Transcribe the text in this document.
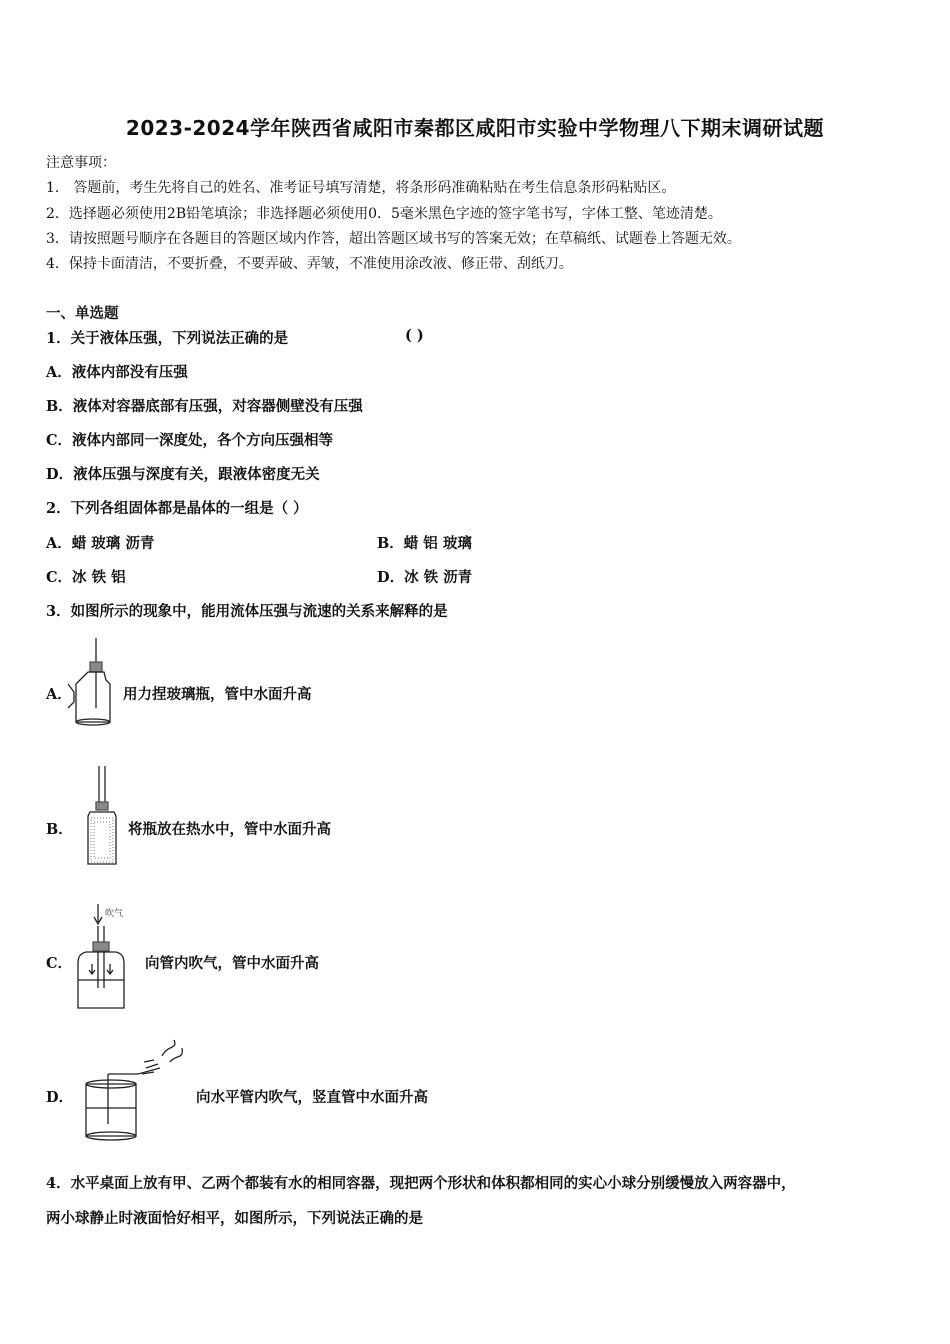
2023-2024学年陕西省咸阳市秦都区咸阳市实验中学物理八下期末调研试题
注意事项：
1． 答题前，考生先将自己的姓名、准考证号填写清楚，将条形码准确粘贴在考生信息条形码粘贴区。
2．选择题必须使用2B铅笔填涂；非选择题必须使用0．5毫米黑色字迹的签字笔书写，字体工整、笔迹清楚。
3．请按照题号顺序在各题目的答题区域内作答，超出答题区域书写的答案无效；在草稿纸、试题卷上答题无效。
4．保持卡面清洁，不要折叠，不要弄破、弄皱，不准使用涂改液、修正带、刮纸刀。
一、单选题
1．关于液体压强，下列说法正确的是	( )
A．液体内部没有压强
B．液体对容器底部有压强，对容器侧壁没有压强
C．液体内部同一深度处，各个方向压强相等
D．液体压强与深度有关，跟液体密度无关
2．下列各组固体都是晶体的一组是（ ）
A．蜡 玻璃 沥青	B．蜡 铝 玻璃
C．冰 铁 铝	D．冰 铁 沥青
3．如图所示的现象中，能用流体压强与流速的关系来解释的是
A．	用力捏玻璃瓶，管中水面升高
B．	将瓶放在热水中，管中水面升高
C．
吹气
向管内吹气，管中水面升高
D．	向水平管内吹气，竖直管中水面升高
4．水平桌面上放有甲、乙两个都装有水的相同容器，现把两个形状和体积都相同的实心小球分别缓慢放入两容器中，
两小球静止时液面恰好相平，如图所示，下列说法正确的是
